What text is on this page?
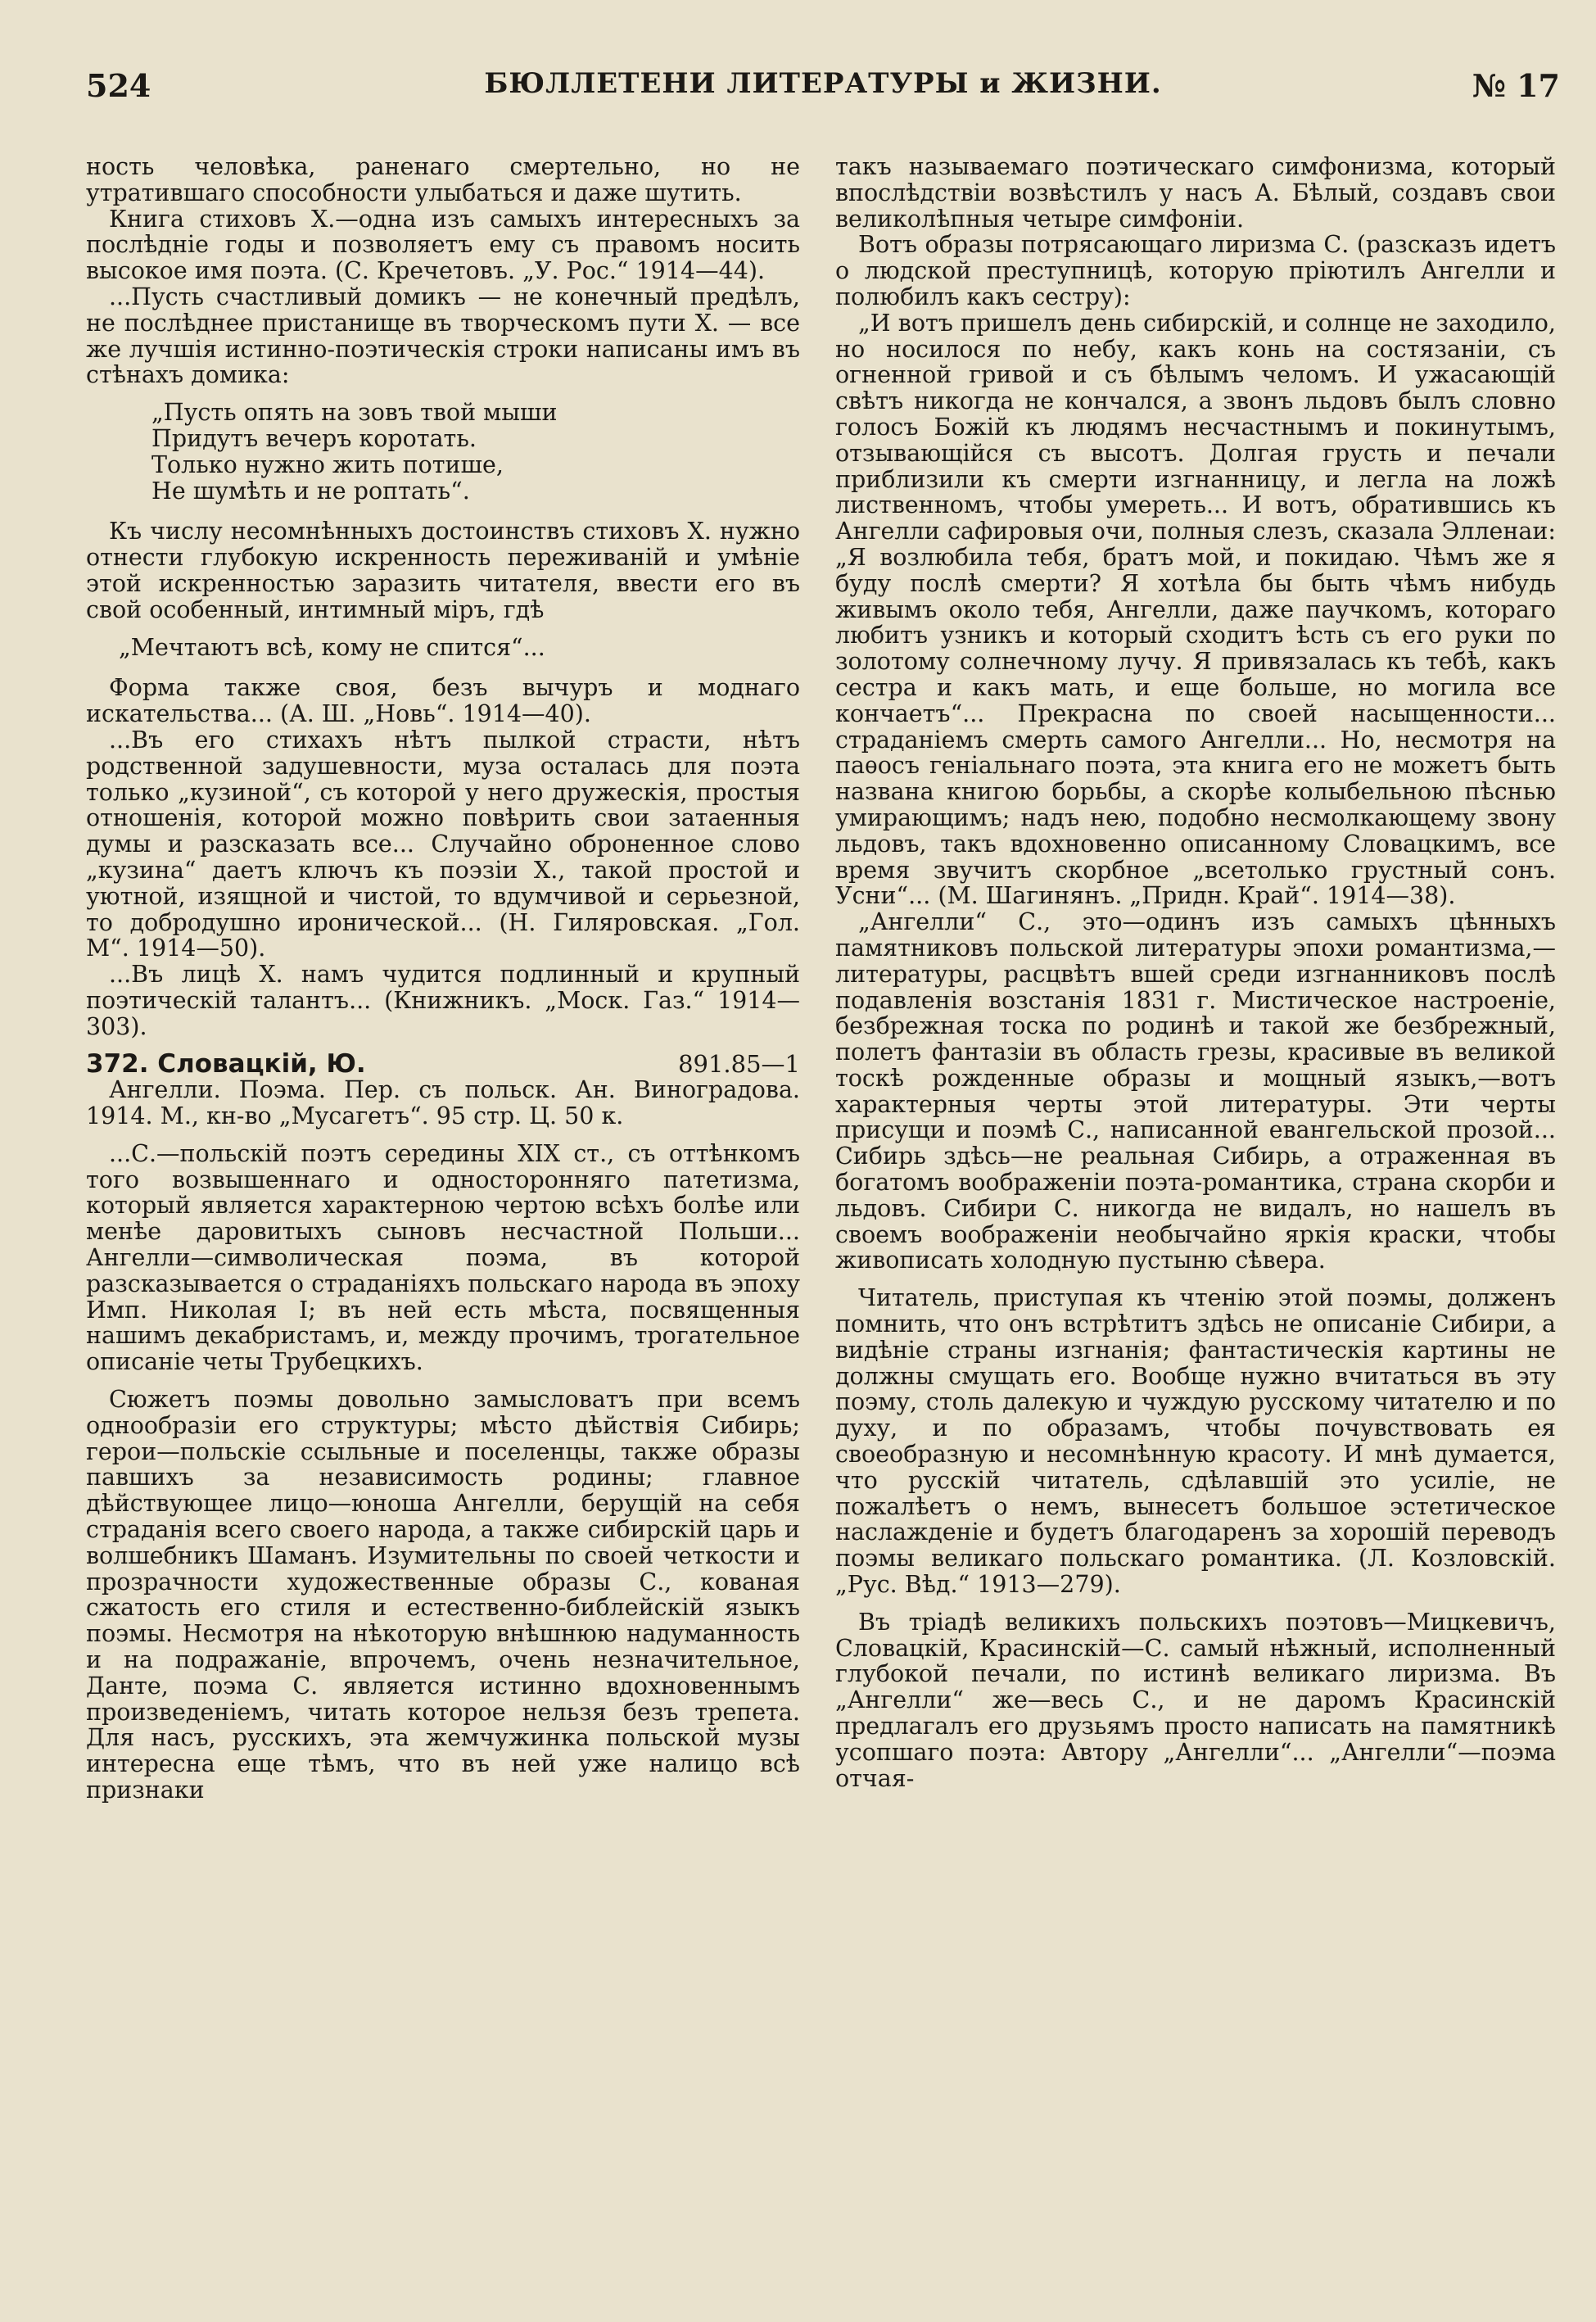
524	БЮЛЛЕТЕНИ ЛИТЕРАТУРЫ и ЖИЗНИ.	№ 17

ность человѣка, раненаго смертельно, но не утратившаго способности улыбаться и даже шутить.

Книга стиховъ Х.—одна изъ самыхъ интересныхъ за послѣдніе годы и позволяетъ ему съ правомъ носить высокое имя поэта. (С. Кречетовъ. „У. Рос.“ 1914—44).

...Пусть счастливый домикъ — не конечный предѣлъ, не послѣднее пристанище въ творческомъ пути Х. — все же лучшія истинно-поэтическія строки написаны имъ въ стѣнахъ домика:

„Пусть опять на зовъ твой мыши
Придутъ вечеръ коротать.
Только нужно жить потише,
Не шумѣть и не роптать“.

Къ числу несомнѣнныхъ достоинствъ стиховъ Х. нужно отнести глубокую искренность переживаній и умѣніе этой искренностью заразить читателя, ввести его въ свой особенный, интимный міръ, гдѣ

„Мечтаютъ всѣ, кому не спится“...

Форма также своя, безъ вычуръ и моднаго искательства... (А. Ш. „Новь“. 1914—40).

...Въ его стихахъ нѣтъ пылкой страсти, нѣтъ родственной задушевности, муза осталась для поэта только „кузиной“, съ которой у него дружескія, простыя отношенія, которой можно повѣрить свои затаенныя думы и разсказать все... Случайно оброненное слово „кузина“ даетъ ключъ къ поэзіи Х., такой простой и уютной, изящной и чистой, то вдумчивой и серьезной, то добродушно иронической... (Н. Гиляровская. „Гол. М“. 1914—50).

...Въ лицѣ Х. намъ чудится подлинный и крупный поэтическій талантъ... (Книжникъ. „Моск. Газ.“ 1914—303).

372. Словацкій, Ю.	891.85—1

Ангелли. Поэма. Пер. съ польск. Ан. Виноградова. 1914. М., кн-во „Мусагетъ“. 95 стр. Ц. 50 к.

...С.—польскій поэтъ середины XIX ст., съ оттѣнкомъ того возвышеннаго и односторонняго патетизма, который является характерною чертою всѣхъ болѣе или менѣе даровитыхъ сыновъ несчастной Польши... Ангелли—символическая поэма, въ которой разсказывается о страданіяхъ польскаго народа въ эпоху Имп. Николая I; въ ней есть мѣста, посвященныя нашимъ декабристамъ, и, между прочимъ, трогательное описаніе четы Трубецкихъ.

Сюжетъ поэмы довольно замысловатъ при всемъ однообразіи его структуры; мѣсто дѣйствія Сибирь; герои—польскіе ссыльные и поселенцы, также образы павшихъ за независимость родины; главное дѣйствующее лицо—юноша Ангелли, берущій на себя страданія всего своего народа, а также сибирскій царь и волшебникъ Шаманъ. Изумительны по своей четкости и прозрачности художественные образы С., кованая сжатость его стиля и естественно-библейскій языкъ поэмы. Несмотря на нѣкоторую внѣшнюю надуманность и на подражаніе, впрочемъ, очень незначительное, Данте, поэма С. является истинно вдохновеннымъ произведеніемъ, читать которое нельзя безъ трепета. Для насъ, русскихъ, эта жемчужинка польской музы интересна еще тѣмъ, что въ ней уже налицо всѣ признаки

такъ называемаго поэтическаго симфонизма, который впослѣдствіи возвѣстилъ у насъ А. Бѣлый, создавъ свои великолѣпныя четыре симфоніи.

Вотъ образы потрясающаго лиризма С. (разсказъ идетъ о людской преступницѣ, которую пріютилъ Ангелли и полюбилъ какъ сестру):

„И вотъ пришелъ день сибирскій, и солнце не заходило, но носилося по небу, какъ конь на состязаніи, съ огненной гривой и съ бѣлымъ челомъ. И ужасающій свѣтъ никогда не кончался, а звонъ льдовъ былъ словно голосъ Божій къ людямъ несчастнымъ и покинутымъ, отзывающійся съ высотъ. Долгая грусть и печали приблизили къ смерти изгнанницу, и легла на ложѣ лиственномъ, чтобы умереть... И вотъ, обратившись къ Ангелли сафировыя очи, полныя слезъ, сказала Элленаи: „Я возлюбила тебя, братъ мой, и покидаю. Чѣмъ же я буду послѣ смерти? Я хотѣла бы быть чѣмъ нибудь живымъ около тебя, Ангелли, даже паучкомъ, котораго любитъ узникъ и который сходитъ ѣсть съ его руки по золотому солнечному лучу. Я привязалась къ тебѣ, какъ сестра и какъ мать, и еще больше, но могила все кончаетъ“... Прекрасна по своей насыщенности... страданіемъ смерть самого Ангелли... Но, несмотря на паѳосъ геніальнаго поэта, эта книга его не можетъ быть названа книгою борьбы, а скорѣе колыбельною пѣснью умирающимъ; надъ нею, подобно несмолкающему звону льдовъ, такъ вдохновенно описанному Словацкимъ, все время звучитъ скорбное „всетолько грустный сонъ. Усни“... (М. Шагинянъ. „Придн. Край“. 1914—38).

„Ангелли“ С., это—одинъ изъ самыхъ цѣнныхъ памятниковъ польской литературы эпохи романтизма,—литературы, расцвѣтъ вшей среди изгнанниковъ послѣ подавленія возстанія 1831 г. Мистическое настроеніе, безбрежная тоска по родинѣ и такой же безбрежный, полетъ фантазіи въ область грезы, красивые въ великой тоскѣ рожденные образы и мощный языкъ,—вотъ характерныя черты этой литературы. Эти черты присущи и поэмѣ С., написанной евангельской прозой... Сибирь здѣсь—не реальная Сибирь, а отраженная въ богатомъ воображеніи поэта-романтика, страна скорби и льдовъ. Сибири С. никогда не видалъ, но нашелъ въ своемъ воображеніи необычайно яркія краски, чтобы живописать холодную пустыню сѣвера.

Читатель, приступая къ чтенію этой поэмы, долженъ помнить, что онъ встрѣтитъ здѣсь не описаніе Сибири, а видѣніе страны изгнанія; фантастическія картины не должны смущать его. Вообще нужно вчитаться въ эту поэму, столь далекую и чуждую русскому читателю и по духу, и по образамъ, чтобы почувствовать ея своеобразную и несомнѣнную красоту. И мнѣ думается, что русскій читатель, сдѣлавшій это усиліе, не пожалѣетъ о немъ, вынесетъ большое эстетическое наслажденіе и будетъ благодаренъ за хорошій переводъ поэмы великаго польскаго романтика. (Л. Козловскій. „Рус. Вѣд.“ 1913—279).

Въ тріадѣ великихъ польскихъ поэтовъ—Мицкевичъ, Словацкій, Красинскій—С. самый нѣжный, исполненный глубокой печали, по истинѣ великаго лиризма. Въ „Ангелли“ же—весь С., и не даромъ Красинскій предлагалъ его друзьямъ просто написать на памятникѣ усопшаго поэта: Автору „Ангелли“... „Ангелли“—поэма отчая-
